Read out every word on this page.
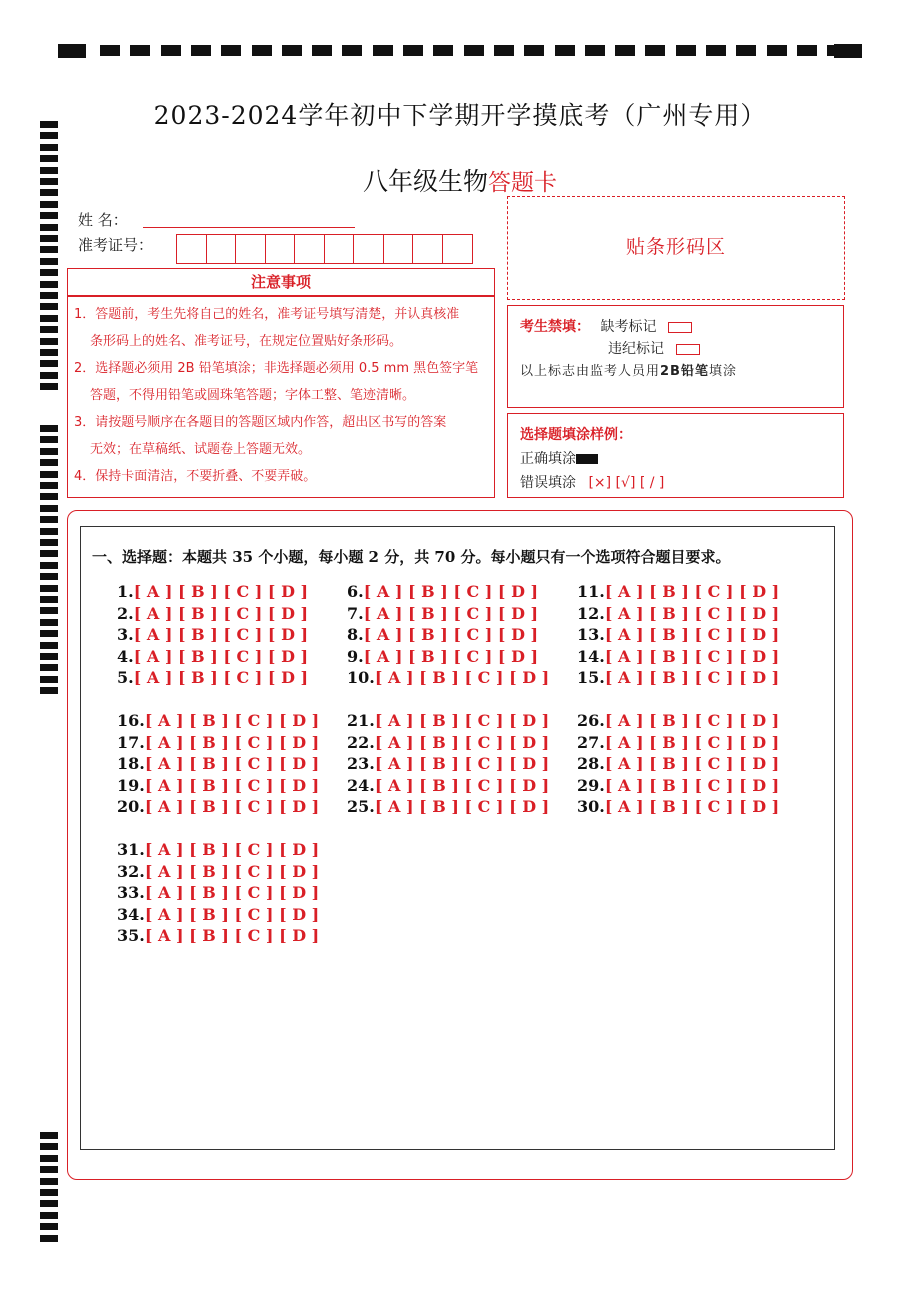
2023-2024学年初中下学期开学摸底考（广州专用）
八年级生物答题卡
姓 名：
准考证号：
注意事项

1．答题前，考生先将自己的姓名，准考证号填写清楚，并认真核准

条形码上的姓名、准考证号，在规定位置贴好条形码。

2．选择题必须用 2B 铅笔填涂；非选择题必须用 0.5 mm 黑色签字笔

答题，不得用铅笔或圆珠笔答题；字体工整、笔迹清晰。

3．请按题号顺序在各题目的答题区域内作答，超出区书写的答案

无效；在草稿纸、试题卷上答题无效。

4．保持卡面清洁，不要折叠、不要弄破。

贴条形码区
考生禁填： 缺考标记
违纪标记
以上标志由监考人员用2B铅笔填涂
选择题填涂样例：
正确填涂
错误填涂 [×] [√] [ / ]
一、选择题：本题共 35 个小题，每小题 2 分，共 70 分。每小题只有一个选项符合题目要求。
1.[ A ] [ B ] [ C ] [ D ]
2.[ A ] [ B ] [ C ] [ D ]
3.[ A ] [ B ] [ C ] [ D ]
4.[ A ] [ B ] [ C ] [ D ]
5.[ A ] [ B ] [ C ] [ D ]
6.[ A ] [ B ] [ C ] [ D ]
7.[ A ] [ B ] [ C ] [ D ]
8.[ A ] [ B ] [ C ] [ D ]
9.[ A ] [ B ] [ C ] [ D ]
10.[ A ] [ B ] [ C ] [ D ]
11.[ A ] [ B ] [ C ] [ D ]
12.[ A ] [ B ] [ C ] [ D ]
13.[ A ] [ B ] [ C ] [ D ]
14.[ A ] [ B ] [ C ] [ D ]
15.[ A ] [ B ] [ C ] [ D ]
16.[ A ] [ B ] [ C ] [ D ]
17.[ A ] [ B ] [ C ] [ D ]
18.[ A ] [ B ] [ C ] [ D ]
19.[ A ] [ B ] [ C ] [ D ]
20.[ A ] [ B ] [ C ] [ D ]
21.[ A ] [ B ] [ C ] [ D ]
22.[ A ] [ B ] [ C ] [ D ]
23.[ A ] [ B ] [ C ] [ D ]
24.[ A ] [ B ] [ C ] [ D ]
25.[ A ] [ B ] [ C ] [ D ]
26.[ A ] [ B ] [ C ] [ D ]
27.[ A ] [ B ] [ C ] [ D ]
28.[ A ] [ B ] [ C ] [ D ]
29.[ A ] [ B ] [ C ] [ D ]
30.[ A ] [ B ] [ C ] [ D ]
31.[ A ] [ B ] [ C ] [ D ]
32.[ A ] [ B ] [ C ] [ D ]
33.[ A ] [ B ] [ C ] [ D ]
34.[ A ] [ B ] [ C ] [ D ]
35.[ A ] [ B ] [ C ] [ D ]
